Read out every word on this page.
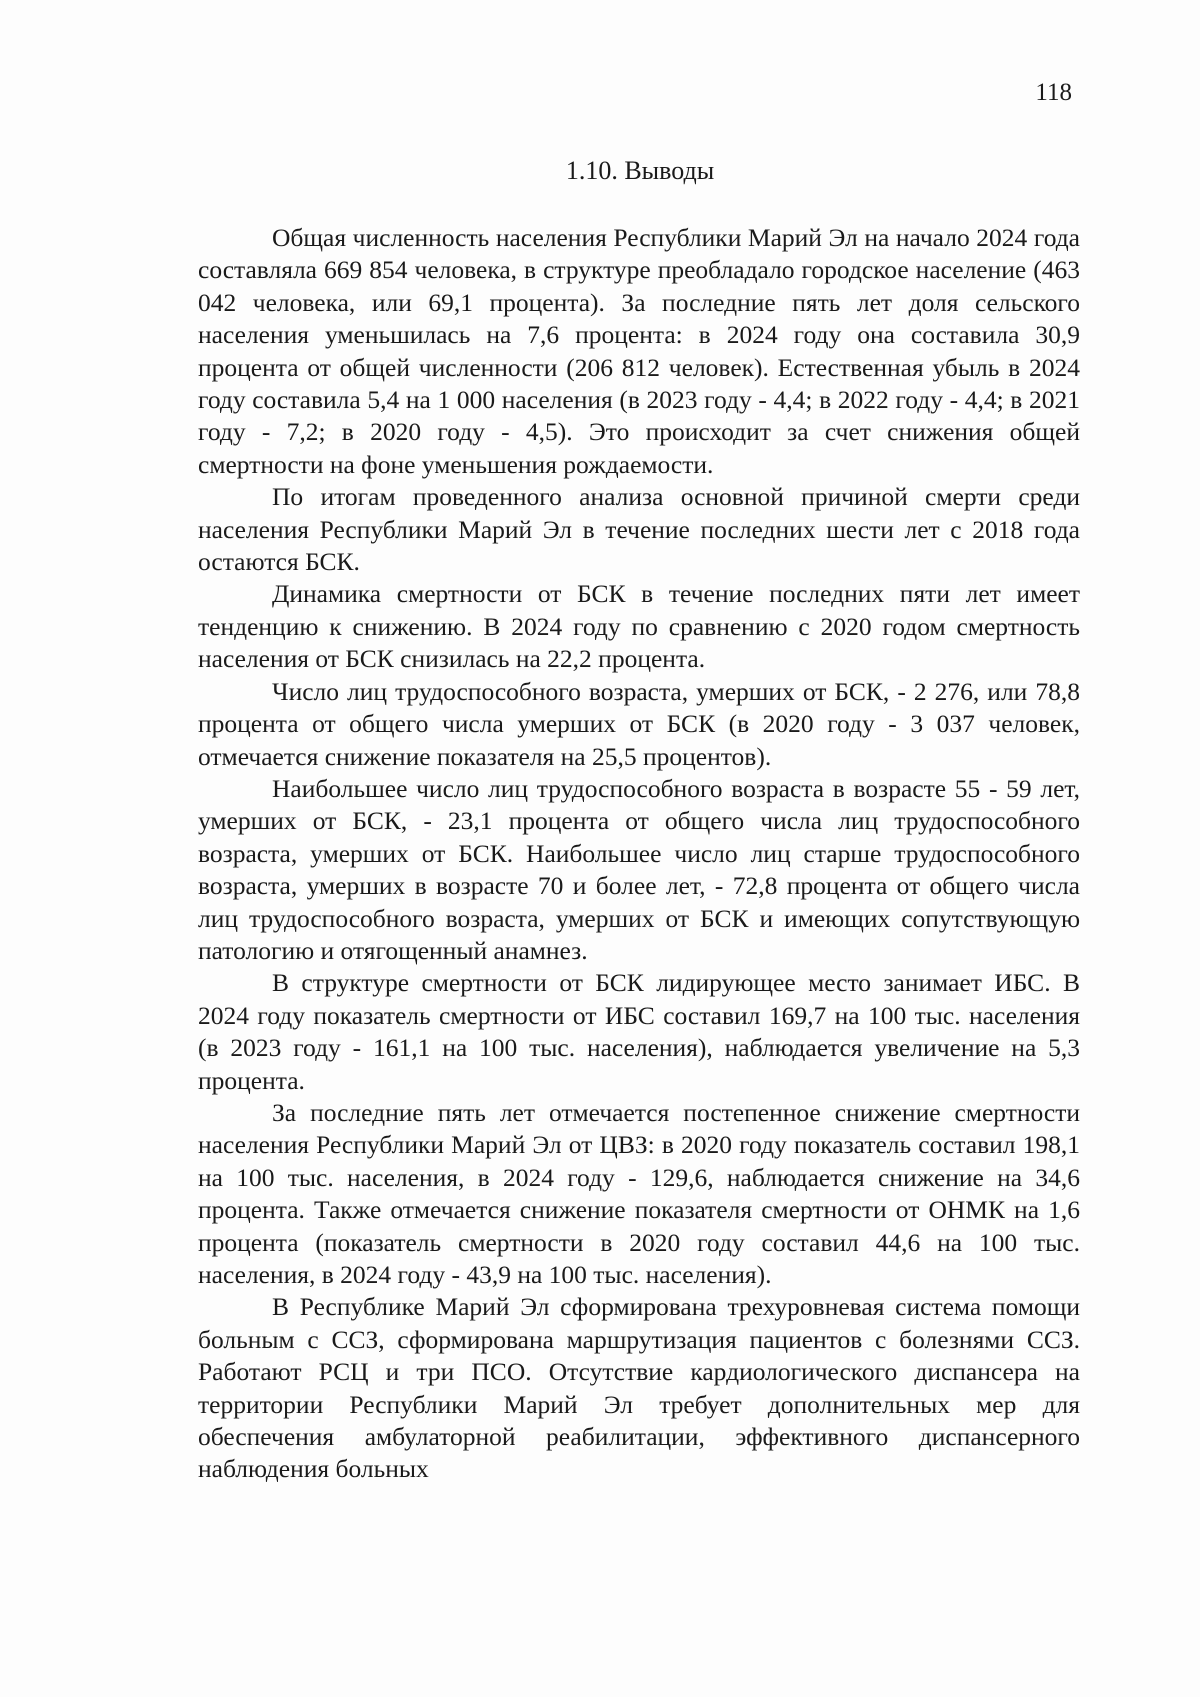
118
1.10. Выводы

Общая численность населения Республики Марий Эл на начало 2024 года составляла 669 854 человека, в структуре преобладало городское население (463 042 человека, или 69,1 процента). За последние пять лет доля сельского населения уменьшилась на 7,6 процента: в 2024 году она составила 30,9 процента от общей численности (206 812 человек). Естественная убыль в 2024 году составила 5,4 на 1 000 населения (в 2023 году - 4,4; в 2022 году - 4,4; в 2021 году - 7,2; в 2020 году - 4,5). Это происходит за счет снижения общей смертности на фоне уменьшения рождаемости.

По итогам проведенного анализа основной причиной смерти среди населения Республики Марий Эл в течение последних шести лет с 2018 года остаются БСК.

Динамика смертности от БСК в течение последних пяти лет имеет тенденцию к снижению. В 2024 году по сравнению с 2020 годом смертность населения от БСК снизилась на 22,2 процента.

Число лиц трудоспособного возраста, умерших от БСК, - 2 276, или 78,8 процента от общего числа умерших от БСК (в 2020 году - 3 037 человек, отмечается снижение показателя на 25,5 процентов).

Наибольшее число лиц трудоспособного возраста в возрасте 55 - 59 лет, умерших от БСК, - 23,1 процента от общего числа лиц трудоспособного возраста, умерших от БСК. Наибольшее число лиц старше трудоспособного возраста, умерших в возрасте 70 и более лет, - 72,8 процента от общего числа лиц трудоспособного возраста, умерших от БСК и имеющих сопутствующую патологию и отягощенный анамнез.

В структуре смертности от БСК лидирующее место занимает ИБС. В 2024 году показатель смертности от ИБС составил 169,7 на 100 тыс. населения (в 2023 году - 161,1 на 100 тыс. населения), наблюдается увеличение на 5,3 процента.

За последние пять лет отмечается постепенное снижение смертности населения Республики Марий Эл от ЦВЗ: в 2020 году показатель составил 198,1 на 100 тыс. населения, в 2024 году - 129,6, наблюдается снижение на 34,6 процента. Также отмечается снижение показателя смертности от ОНМК на 1,6 процента (показатель смертности в 2020 году составил 44,6 на 100 тыс. населения, в 2024 году - 43,9 на 100 тыс. населения).

В Республике Марий Эл сформирована трехуровневая система помощи больным с ССЗ, сформирована маршрутизация пациентов с болезнями ССЗ. Работают РСЦ и три ПСО. Отсутствие кардиологического диспансера на территории Республики Марий Эл требует дополнительных мер для обеспечения амбулаторной реабилитации, эффективного диспансерного наблюдения больных
